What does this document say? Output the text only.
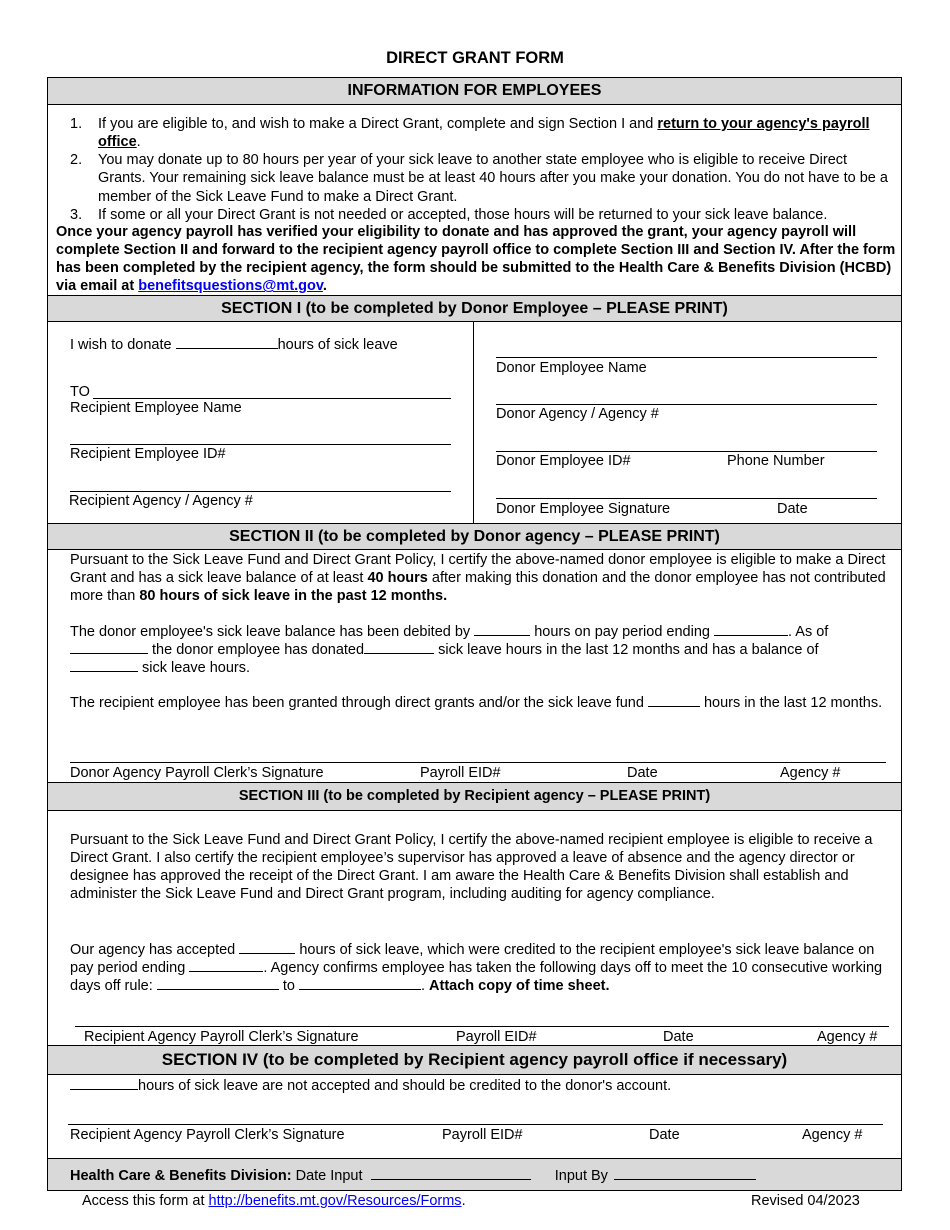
DIRECT GRANT FORM
INFORMATION FOR EMPLOYEES
1. If you are eligible to, and wish to make a Direct Grant, complete and sign Section I and return to your agency's payroll office.
2. You may donate up to 80 hours per year of your sick leave to another state employee who is eligible to receive Direct Grants. Your remaining sick leave balance must be at least 40 hours after you make your donation. You do not have to be a member of the Sick Leave Fund to make a Direct Grant.
3. If some or all your Direct Grant is not needed or accepted, those hours will be returned to your sick leave balance.
Once your agency payroll has verified your eligibility to donate and has approved the grant, your agency payroll will complete Section II and forward to the recipient agency payroll office to complete Section III and Section IV. After the form has been completed by the recipient agency, the form should be submitted to the Health Care & Benefits Division (HCBD) via email at benefitsquestions@mt.gov.
SECTION I (to be completed by Donor Employee – PLEASE PRINT)
I wish to donate	hours of sick leave
TO
Recipient Employee Name
Recipient Employee ID#
Recipient Agency / Agency #
Donor Employee Name
Donor Agency / Agency #
Donor Employee ID#	Phone Number
Donor Employee Signature	Date
SECTION II (to be completed by Donor agency – PLEASE PRINT)
Pursuant to the Sick Leave Fund and Direct Grant Policy, I certify the above-named donor employee is eligible to make a Direct Grant and has a sick leave balance of at least 40 hours after making this donation and the donor employee has not contributed more than 80 hours of sick leave in the past 12 months.
The donor employee's sick leave balance has been debited by	hours on pay period ending	. As of
the donor employee has donated	sick leave hours in the last 12 months and has a balance of
sick leave hours.
The recipient employee has been granted through direct grants and/or the sick leave fund	hours in the last 12 months.
Donor Agency Payroll Clerk’s Signature	Payroll EID#	Date	Agency #
SECTION III (to be completed by Recipient agency – PLEASE PRINT)
Pursuant to the Sick Leave Fund and Direct Grant Policy, I certify the above-named recipient employee is eligible to receive a Direct Grant. I also certify the recipient employee’s supervisor has approved a leave of absence and the agency director or designee has approved the receipt of the Direct Grant. I am aware the Health Care & Benefits Division shall establish and administer the Sick Leave Fund and Direct Grant program, including auditing for agency compliance.
Our agency has accepted	hours of sick leave, which were credited to the recipient employee's sick leave balance on pay period ending	. Agency confirms employee has taken the following days off to meet the 10 consecutive working days off rule:	to	. Attach copy of time sheet.
Recipient Agency Payroll Clerk’s Signature	Payroll EID#	Date	Agency #
SECTION IV (to be completed by Recipient agency payroll office if necessary)
hours of sick leave are not accepted and should be credited to the donor's account.
Recipient Agency Payroll Clerk’s Signature	Payroll EID#	Date	Agency #
Health Care & Benefits Division: Date Input	Input By
Access this form at http://benefits.mt.gov/Resources/Forms.	Revised 04/2023
